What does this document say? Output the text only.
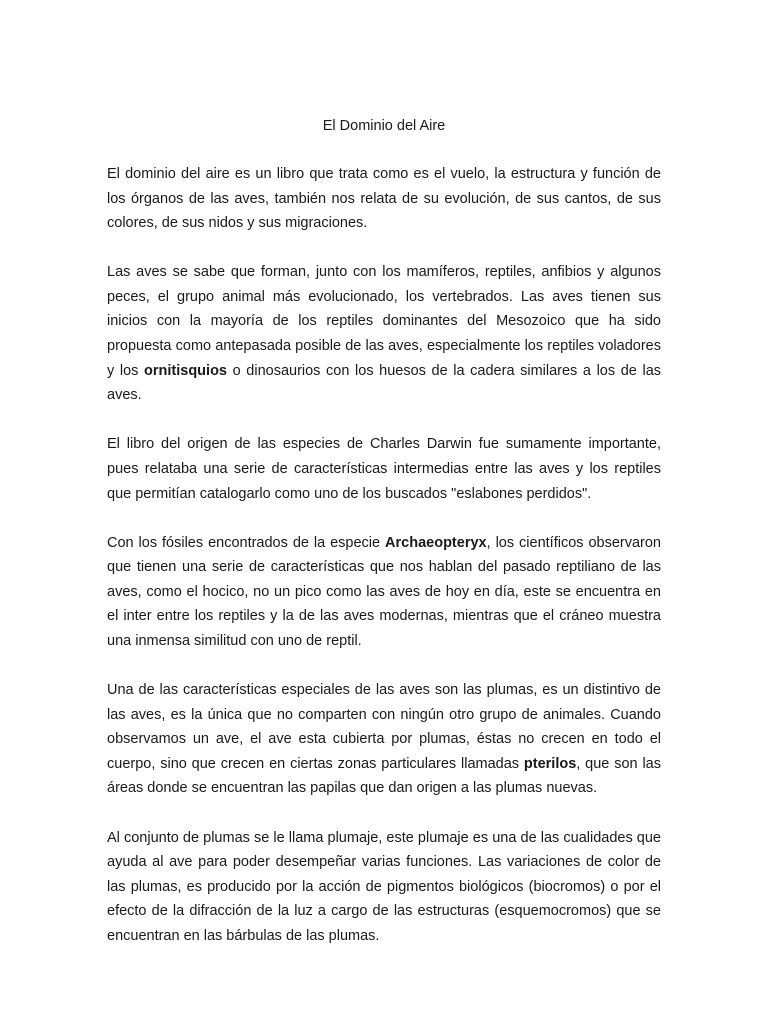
El Dominio del Aire

El dominio del aire es un libro que trata como es el vuelo, la estructura y función de los órganos de las aves, también nos relata de su evolución, de sus cantos, de sus colores, de sus nidos y sus migraciones.

Las aves se sabe que forman, junto con los mamíferos, reptiles, anfibios y algunos peces, el grupo animal más evolucionado, los vertebrados. Las aves tienen sus inicios con la mayoría de los reptiles dominantes del Mesozoico que ha sido propuesta como antepasada posible de las aves, especialmente los reptiles voladores y los ornitisquios o dinosaurios con los huesos de la cadera similares a los de las aves.

El libro del origen de las especies de Charles Darwin fue sumamente importante, pues relataba una serie de características intermedias entre las aves y los reptiles que permitían catalogarlo como uno de los buscados "eslabones perdidos".

Con los fósiles encontrados de la especie Archaeopteryx, los científicos observaron que tienen una serie de características que nos hablan del pasado reptiliano de las aves, como el hocico, no un pico como las aves de hoy en día, este se encuentra en el inter entre los reptiles y la de las aves modernas, mientras que el cráneo muestra una inmensa similitud con uno de reptil.

Una de las características especiales de las aves son las plumas, es un distintivo de las aves, es la única que no comparten con ningún otro grupo de animales. Cuando observamos un ave, el ave esta cubierta por plumas, éstas no crecen en todo el cuerpo, sino que crecen en ciertas zonas particulares llamadas pterilos, que son las áreas donde se encuentran las papilas que dan origen a las plumas nuevas.

Al conjunto de plumas se le llama plumaje, este plumaje es una de las cualidades que ayuda al ave para poder desempeñar varias funciones. Las variaciones de color de las plumas, es producido por la acción de pigmentos biológicos (biocromos) o por el efecto de la difracción de la luz a cargo de las estructuras (esquemocromos) que se encuentran en las bárbulas de las plumas.
